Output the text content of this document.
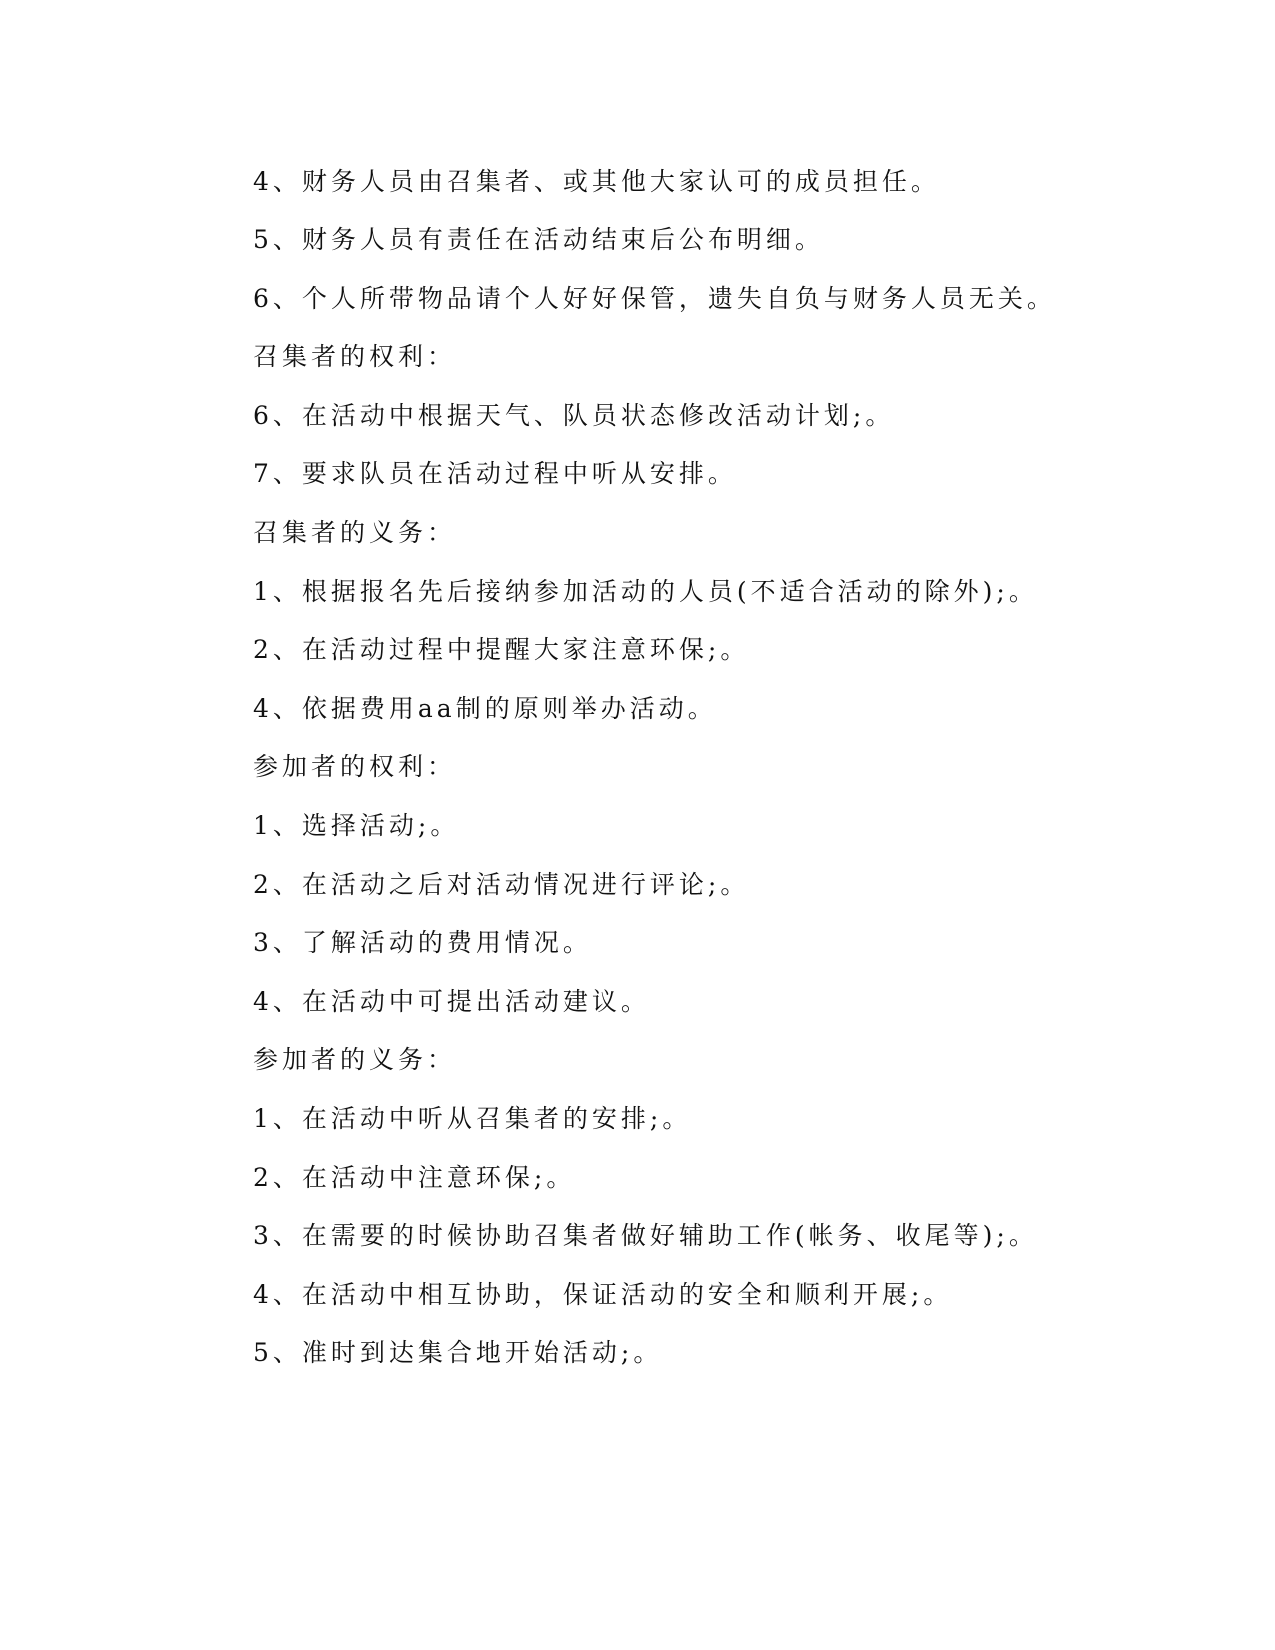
4、财务人员由召集者、或其他大家认可的成员担任。
5、财务人员有责任在活动结束后公布明细。
6、个人所带物品请个人好好保管，遗失自负与财务人员无关。
召集者的权利：
6、在活动中根据天气、队员状态修改活动计划;。
7、要求队员在活动过程中听从安排。
召集者的义务：
1、根据报名先后接纳参加活动的人员(不适合活动的除外);。
2、在活动过程中提醒大家注意环保;。
4、依据费用aa制的原则举办活动。
参加者的权利：
1、选择活动;。
2、在活动之后对活动情况进行评论;。
3、了解活动的费用情况。
4、在活动中可提出活动建议。
参加者的义务：
1、在活动中听从召集者的安排;。
2、在活动中注意环保;。
3、在需要的时候协助召集者做好辅助工作(帐务、收尾等);。
4、在活动中相互协助，保证活动的安全和顺利开展;。
5、准时到达集合地开始活动;。
